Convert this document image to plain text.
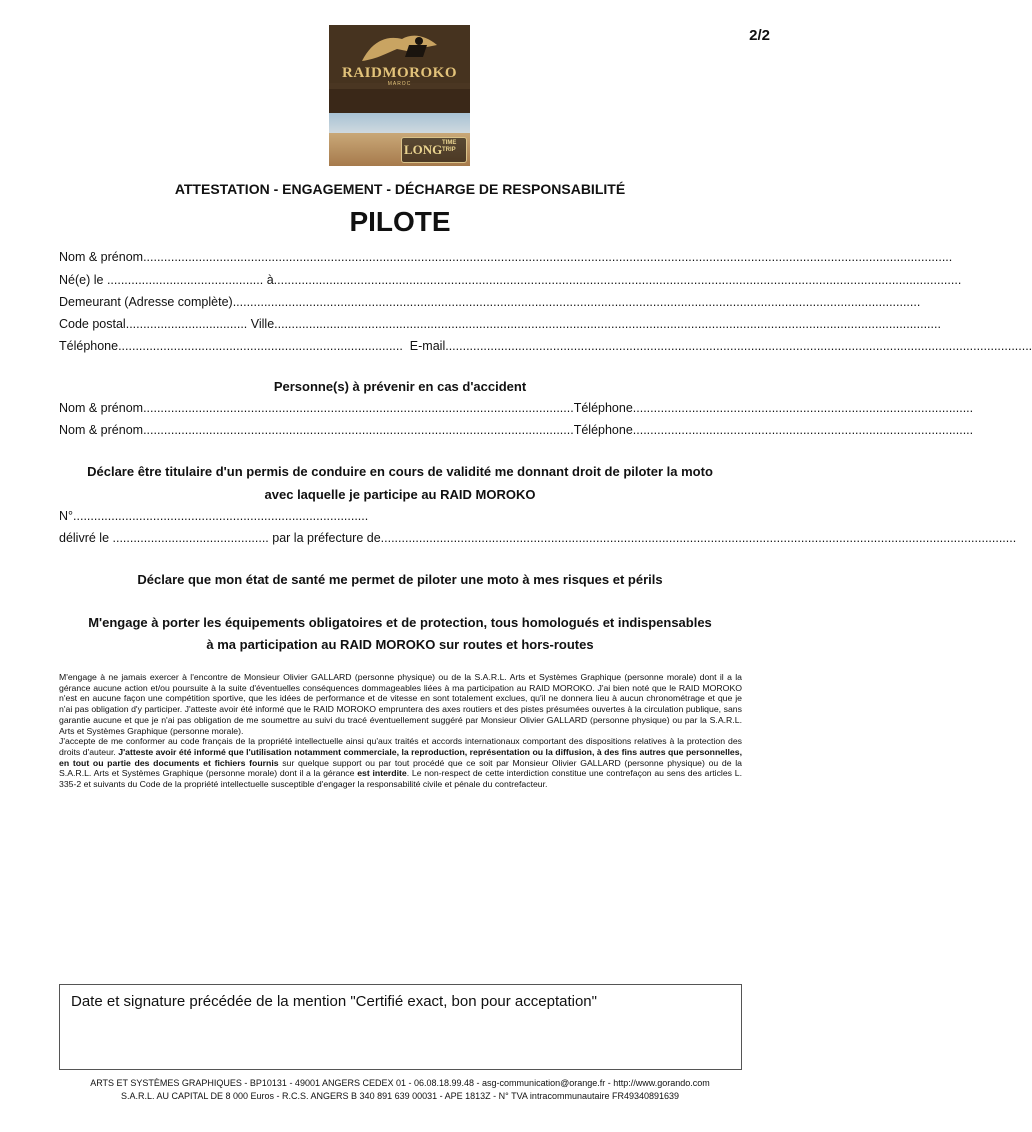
2/2
RAIDMOROKO
MAROC
LONG TIME
TRIP
ATTESTATION - ENGAGEMENT - DÉCHARGE DE RESPONSABILITÉ
PILOTE
Nom & prénom.........................................................................................................................................................................................................................................
Né(e) le ............................................. à......................................................................................................................................................................................................
Demeurant (Adresse complète)......................................................................................................................................................................................................
Code postal................................... Ville................................................................................................................................................................................................
Téléphone..................................................................................  E-mail.........................................................................................................................................................................
Personne(s) à prévenir en cas d'accident
Nom & prénom............................................................................................................................Téléphone..................................................................................................
Nom & prénom............................................................................................................................Téléphone..................................................................................................
Déclare être titulaire d'un permis de conduire en cours de validité me donnant droit de piloter la moto
avec laquelle je participe au RAID MOROKO
N°.....................................................................................
délivré le ............................................. par la préfecture de.......................................................................................................................................................................................
Déclare que mon état de santé me permet de piloter une moto à mes risques et périls
M'engage à porter les équipements obligatoires et de protection, tous homologués et indispensables
à ma participation au RAID MOROKO sur routes et hors-routes

M'engage à ne jamais exercer à l'encontre de Monsieur Olivier GALLARD (personne physique) ou de la S.A.R.L. Arts et Systèmes Graphique (personne morale) dont il a la gérance aucune action et/ou poursuite à la suite d'éventuelles conséquences dommageables liées à ma participation au RAID MOROKO. J'ai bien noté que le RAID MOROKO n'est en aucune façon une compétition sportive, que les idées de performance et de vitesse en sont totalement exclues, qu'il ne donnera lieu à aucun chronométrage et que je n'ai pas obligation d'y participer. J'atteste avoir été informé que le RAID MOROKO empruntera des axes routiers et des pistes présumées ouvertes à la circulation publique, sans garantie aucune et que je n'ai pas obligation de me soumettre au suivi du tracé éventuellement suggéré par Monsieur Olivier GALLARD (personne physique) ou par la S.A.R.L. Arts et Systèmes Graphique (personne morale).

J'accepte de me conformer au code français de la propriété intellectuelle ainsi qu'aux traités et accords internationaux comportant des dispositions relatives à la protection des droits d'auteur. J'atteste avoir été informé que l'utilisation notamment commerciale, la reproduction, représentation ou la diffusion, à des fins autres que personnelles, en tout ou partie des documents et fichiers fournis sur quelque support ou par tout procédé que ce soit par Monsieur Olivier GALLARD (personne physique) ou de la S.A.R.L. Arts et Systèmes Graphique (personne morale) dont il a la gérance est interdite. Le non-respect de cette interdiction constitue une contrefaçon au sens des articles L. 335-2 et suivants du Code de la propriété intellectuelle susceptible d'engager la responsabilité civile et pénale du contrefacteur.

Date et signature précédée de la mention "Certifié exact, bon pour acceptation"
ARTS ET SYSTÈMES GRAPHIQUES - BP10131 - 49001 ANGERS CEDEX 01 - 06.08.18.99.48 - asg-communication@orange.fr - http://www.gorando.com
S.A.R.L. AU CAPITAL DE 8 000 Euros - R.C.S. ANGERS B 340 891 639 00031 - APE 1813Z - N° TVA intracommunautaire FR49340891639
